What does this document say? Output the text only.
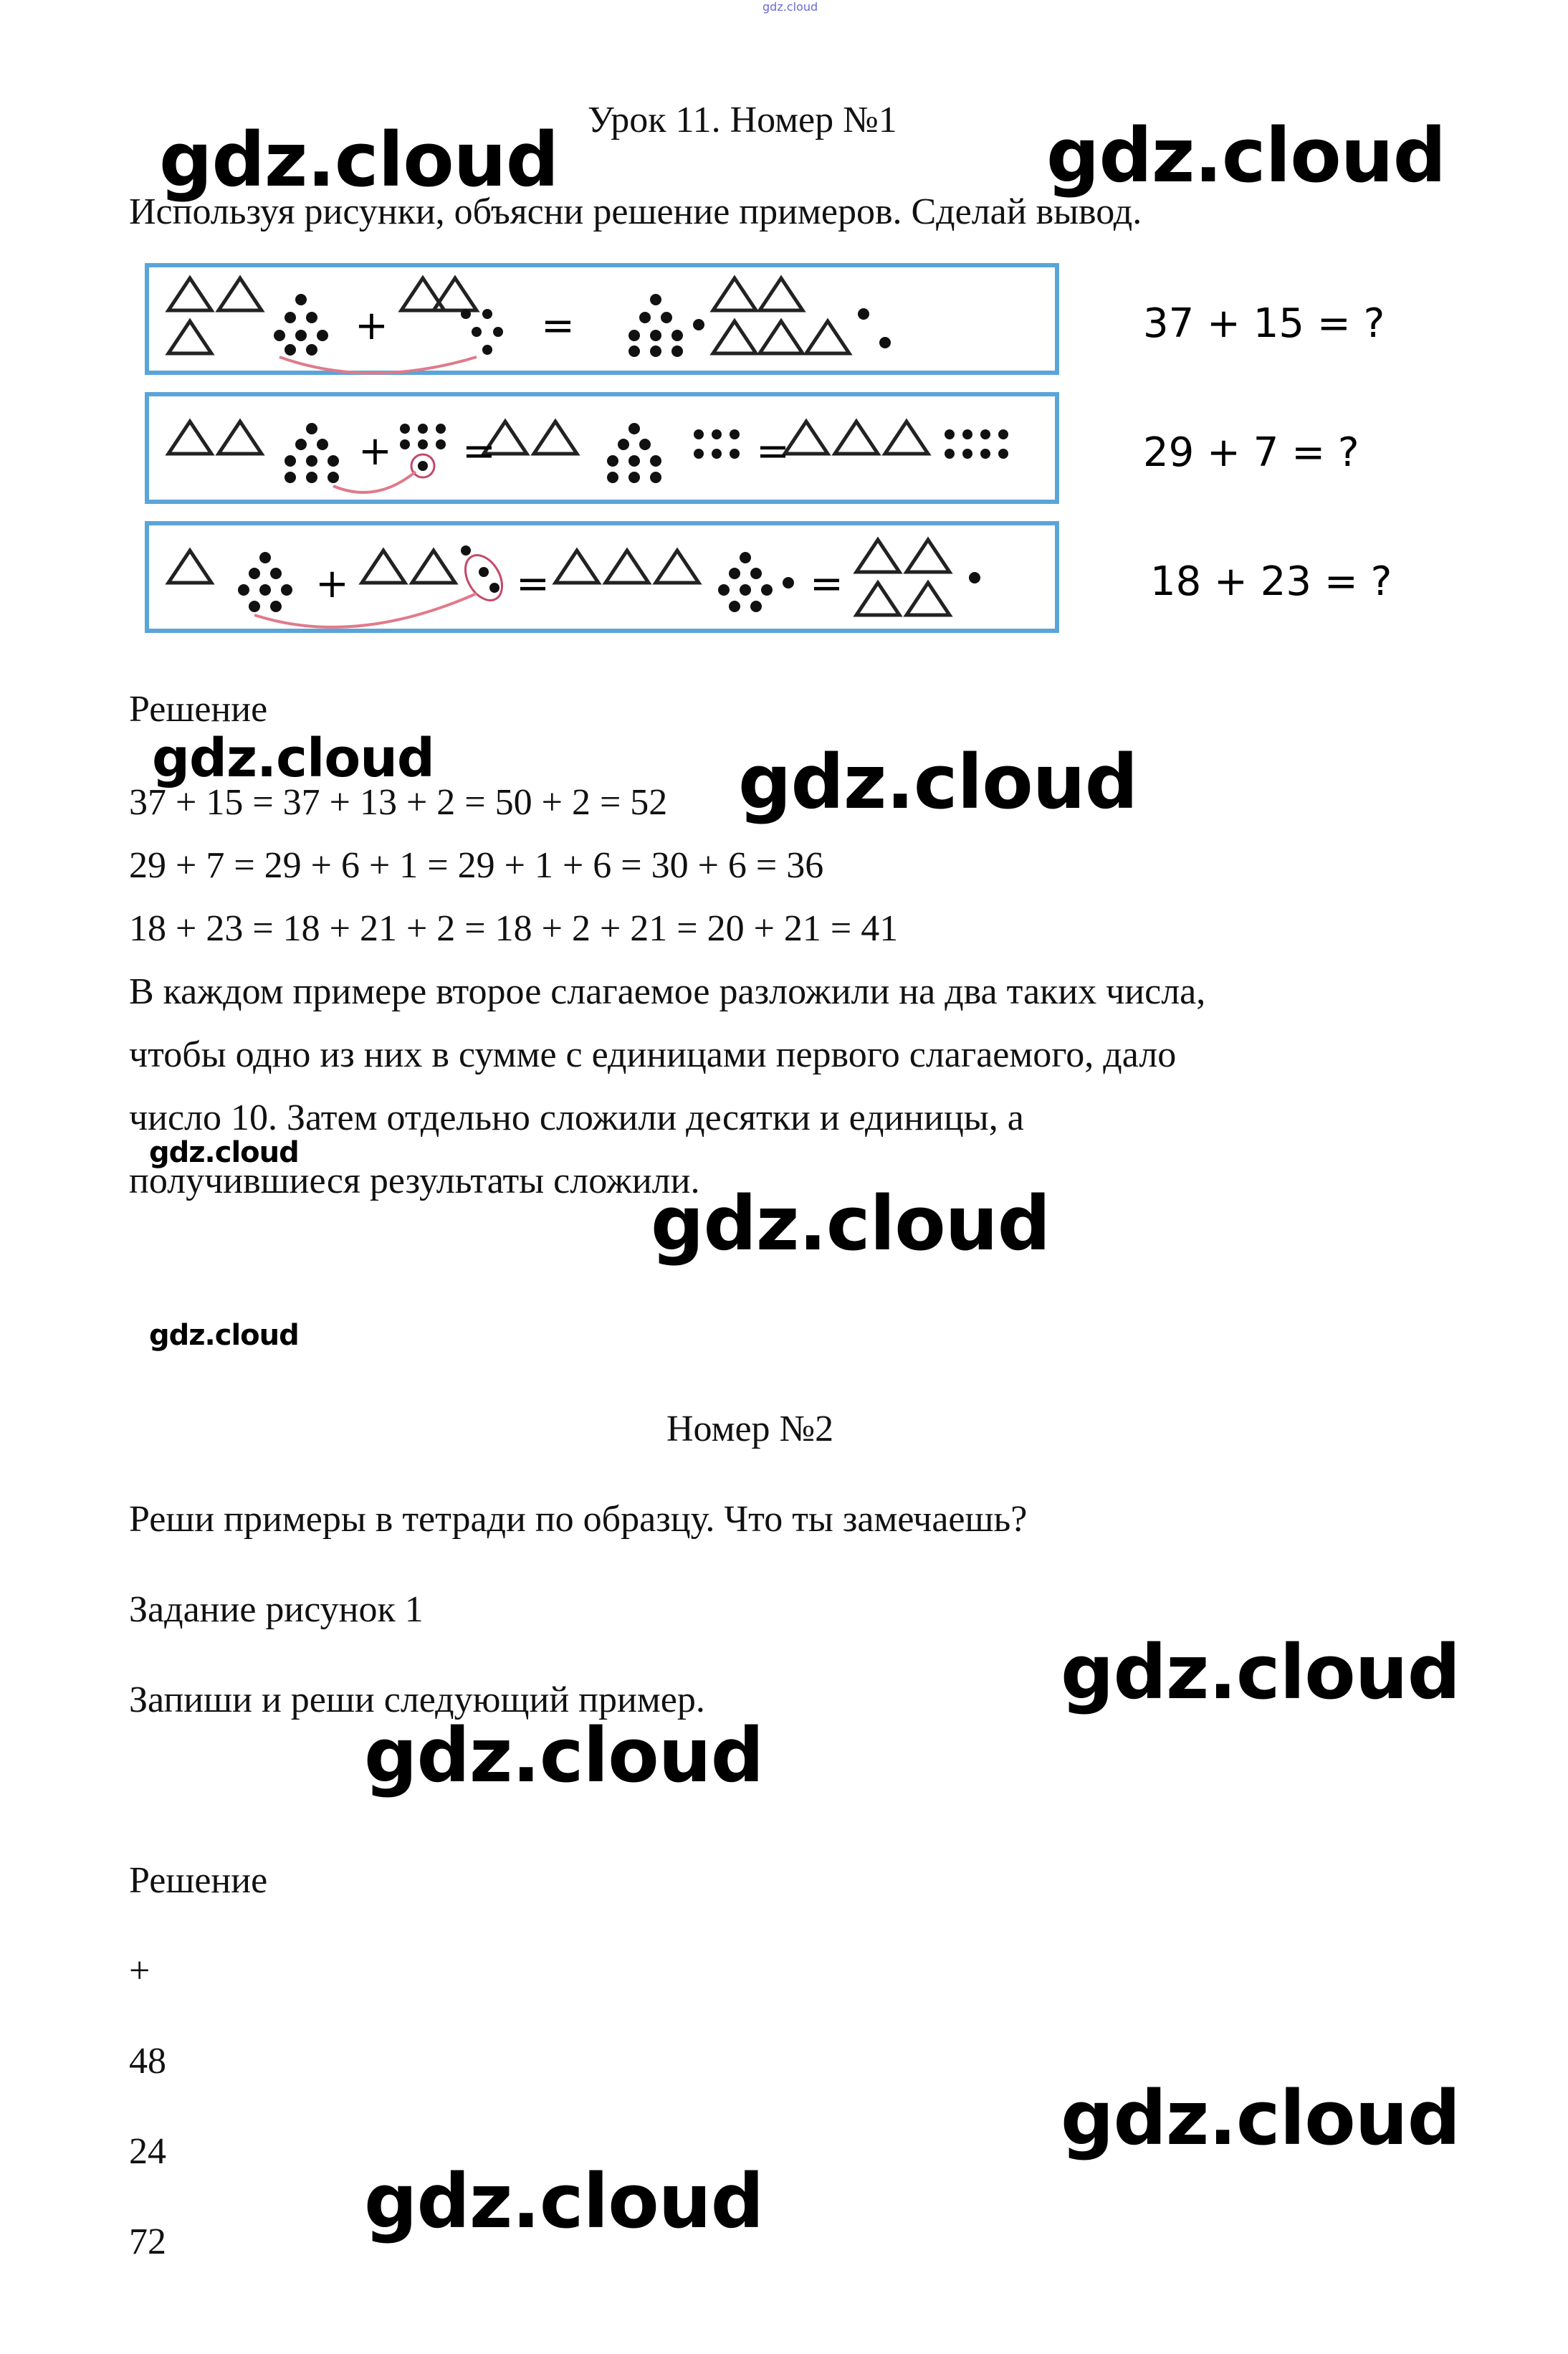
gdz.cloud
Урок 11. Номер №1
Используя рисунки, объясни решение примеров. Сделай вывод.
+	=
+ =	=
+	=	=
37 + 15 = ?
29 + 7 = ?
18 + 23 = ?
Решение
37 + 15 = 37 + 13 + 2 = 50 + 2 = 52
29 + 7 = 29 + 6 + 1 = 29 + 1 + 6 = 30 + 6 = 36
18 + 23 = 18 + 21 + 2 = 18 + 2 + 21 = 20 + 21 = 41
В каждом примере второе слагаемое разложили на два таких числа,
чтобы одно из них в сумме с единицами первого слагаемого, дало
число 10. Затем отдельно сложили десятки и единицы, а
получившиеся результаты сложили.
Номер №2
Реши примеры в тетради по образцу. Что ты замечаешь?
Задание рисунок 1
Запиши и реши следующий пример.
Решение
+
48
24
72
gdz.cloud	gdz.cloud
gdz.cloud	gdz.cloud
gdz.cloud
gdz.cloud
gdz.cloud
gdz.cloud
gdz.cloud
gdz.cloud
gdz.cloud
